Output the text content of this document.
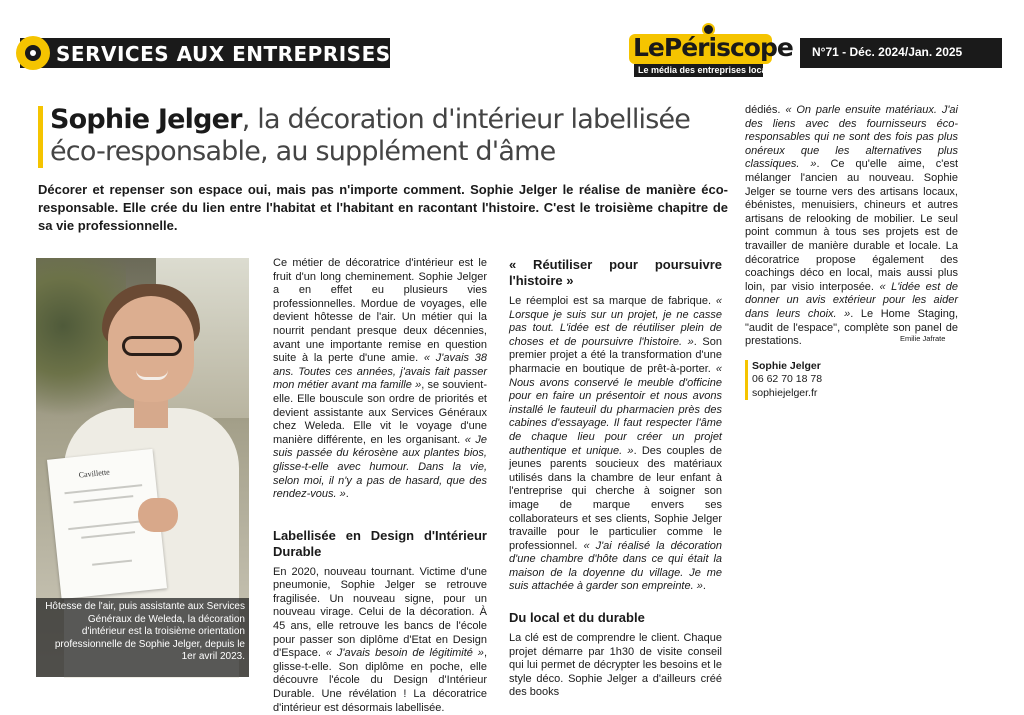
SERVICES AUX ENTREPRISES	LePériscope
Le média des entreprises locales
N°71 - Déc. 2024/Jan. 2025
Sophie Jelger, la décoration d'intérieur labellisée éco-responsable, au supplément d'âme
Décorer et repenser son espace oui, mais pas n'importe comment. Sophie Jelger le réalise de manière éco-responsable. Elle crée du lien entre l'habitat et l'habitant en racontant l'histoire. C'est le troisième chapitre de sa vie professionnelle.
Cavillette
Hôtesse de l'air, puis assistante aux Services Généraux de Weleda, la décoration d'intérieur est la troisième orientation professionnelle de Sophie Jelger, depuis le 1er avril 2023.

Ce métier de décoratrice d'intérieur est le fruit d'un long cheminement. Sophie Jelger a en effet eu plusieurs vies professionnelles. Mordue de voyages, elle devient hôtesse de l'air. Un métier qui la nourrit pendant presque deux décennies, avant une importante remise en question suite à la perte d'une amie. « J'avais 38 ans. Toutes ces années, j'avais fait passer mon métier avant ma famille », se souvient-elle. Elle bouscule son ordre de priorités et devient assistante aux Services Généraux chez Weleda. Elle vit le voyage d'une manière différente, en les organisant. « Je suis passée du kérosène aux plantes bios, glisse-t-elle avec humour. Dans la vie, selon moi, il n'y a pas de hasard, que des rendez-vous. ».

Labellisée en Design d'Intérieur Durable

En 2020, nouveau tournant. Victime d'une pneumonie, Sophie Jelger se retrouve fragilisée. Un nouveau signe, pour un nouveau virage. Celui de la décoration. À 45 ans, elle retrouve les bancs de l'école pour passer son diplôme d'Etat en Design d'Espace. « J'avais besoin de légitimité », glisse-t-elle. Son diplôme en poche, elle découvre l'école du Design d'Intérieur Durable. Une révélation ! La décoratrice d'intérieur est désormais labellisée.

« Réutiliser pour poursuivre l'histoire »

Le réemploi est sa marque de fabrique. « Lorsque je suis sur un projet, je ne casse pas tout. L'idée est de réutiliser plein de choses et de poursuivre l'histoire. ». Son premier projet a été la transformation d'une pharmacie en boutique de prêt-à-porter. « Nous avons conservé le meuble d'officine pour en faire un présentoir et nous avons installé le fauteuil du pharmacien près des cabines d'essayage. Il faut respecter l'âme de chaque lieu pour créer un projet authentique et unique. ». Des couples de jeunes parents soucieux des matériaux utilisés dans la chambre de leur enfant à l'entreprise qui cherche à soigner son image de marque envers ses collaborateurs et ses clients, Sophie Jelger travaille pour le particulier comme le professionnel. « J'ai réalisé la décoration d'une chambre d'hôte dans ce qui était la maison de la doyenne du village. Je me suis attachée à garder son empreinte. ».

Du local et du durable

La clé est de comprendre le client. Chaque projet démarre par 1h30 de visite conseil qui lui permet de décrypter les besoins et le style déco. Sophie Jelger a d'ailleurs créé des books

dédiés. « On parle ensuite matériaux. J'ai des liens avec des fournisseurs éco-responsables qui ne sont des fois pas plus onéreux que les alternatives plus classiques. ». Ce qu'elle aime, c'est mélanger l'ancien au nouveau. Sophie Jelger se tourne vers des artisans locaux, ébénistes, menuisiers, chineurs et autres artisans de relooking de mobilier. Le seul point commun à tous ses projets est de travailler de manière durable et locale. La décoratrice propose également des coachings déco en local, mais aussi plus loin, par visio interposée. « L'idée est de donner un avis extérieur pour les aider dans leurs choix. ». Le Home Staging, "audit de l'espace", complète son panel de prestations.	Emilie Jafrate
Sophie Jelger
06 62 70 18 78
sophiejelger.fr
